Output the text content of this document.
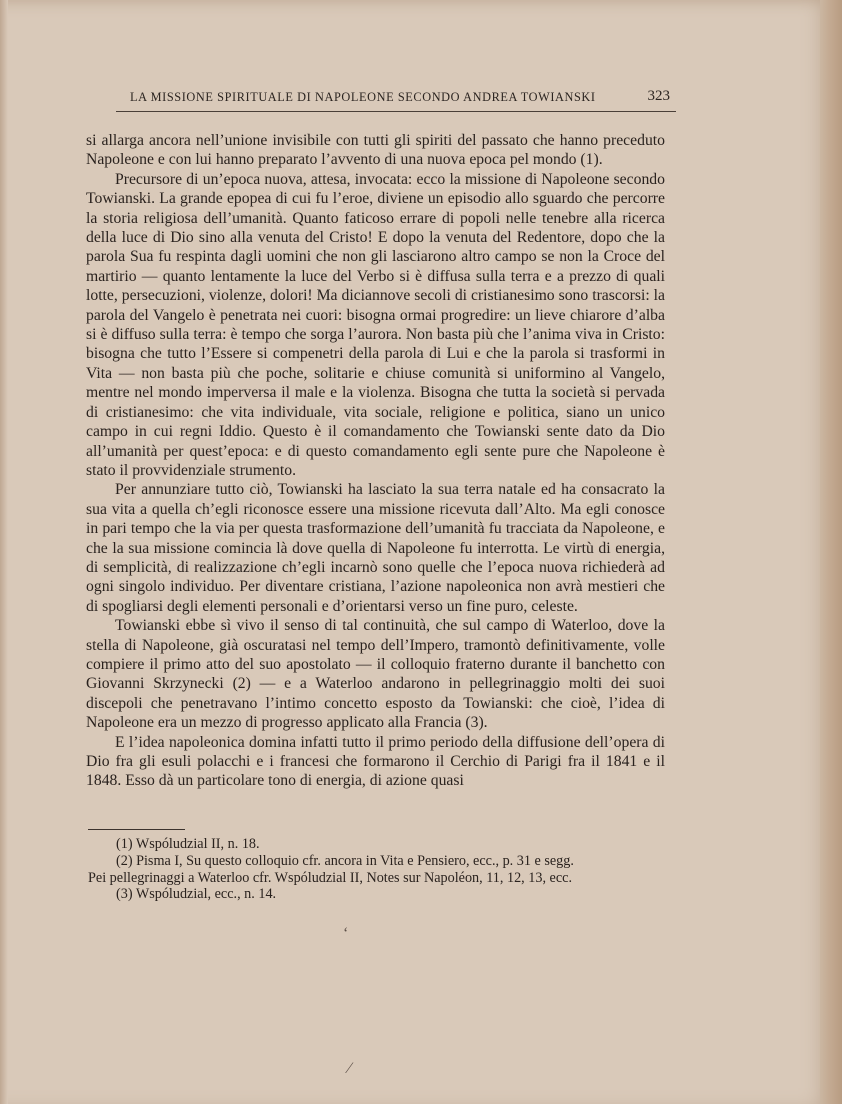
LA MISSIONE SPIRITUALE DI NAPOLEONE SECONDO ANDREA TOWIANSKI	323

si allarga ancora nell’unione invisibile con tutti gli spiriti del passato che hanno preceduto Napoleone e con lui hanno preparato l’avvento di una nuova epoca pel mondo (1).

Precursore di un’epoca nuova, attesa, invocata: ecco la missione di Napoleone secondo Towianski. La grande epopea di cui fu l’eroe, diviene un episodio allo sguardo che percorre la storia religiosa dell’umanità. Quanto faticoso errare di popoli nelle tenebre alla ricerca della luce di Dio sino alla venuta del Cristo! E dopo la venuta del Redentore, dopo che la parola Sua fu respinta dagli uomini che non gli lasciarono altro campo se non la Croce del martirio — quanto lentamente la luce del Verbo si è diffusa sulla terra e a prezzo di quali lotte, persecuzioni, violenze, dolori! Ma diciannove secoli di cristianesimo sono trascorsi: la parola del Vangelo è penetrata nei cuori: bisogna ormai progredire: un lieve chiarore d’alba si è diffuso sulla terra: è tempo che sorga l’aurora. Non basta più che l’anima viva in Cristo: bisogna che tutto l’Essere si compenetri della parola di Lui e che la parola si trasformi in Vita — non basta più che poche, solitarie e chiuse comunità si uniformino al Vangelo, mentre nel mondo imperversa il male e la violenza. Bisogna che tutta la società si pervada di cristianesimo: che vita individuale, vita sociale, religione e politica, siano un unico campo in cui regni Iddio. Questo è il comandamento che Towianski sente dato da Dio all’umanità per quest’epoca: e di questo comandamento egli sente pure che Napoleone è stato il provvidenziale strumento.

Per annunziare tutto ciò, Towianski ha lasciato la sua terra natale ed ha consacrato la sua vita a quella ch’egli riconosce essere una missione ricevuta dall’Alto. Ma egli conosce in pari tempo che la via per questa trasformazione dell’umanità fu tracciata da Napoleone, e che la sua missione comincia là dove quella di Napoleone fu interrotta. Le virtù di energia, di semplicità, di realizzazione ch’egli incarnò sono quelle che l’epoca nuova richiederà ad ogni singolo individuo. Per diventare cristiana, l’azione napoleonica non avrà mestieri che di spogliarsi degli elementi personali e d’orientarsi verso un fine puro, celeste.

Towianski ebbe sì vivo il senso di tal continuità, che sul campo di Waterloo, dove la stella di Napoleone, già oscuratasi nel tempo dell’Impero, tramontò definitivamente, volle compiere il primo atto del suo apostolato — il colloquio fraterno durante il banchetto con Giovanni Skrzynecki (2) — e a Waterloo andarono in pellegrinaggio molti dei suoi discepoli che penetravano l’intimo concetto esposto da Towianski: che cioè, l’idea di Napoleone era un mezzo di progresso applicato alla Francia (3).

E l’idea napoleonica domina infatti tutto il primo periodo della diffusione dell’opera di Dio fra gli esuli polacchi e i francesi che formarono il Cerchio di Parigi fra il 1841 e il 1848. Esso dà un particolare tono di energia, di azione quasi

(1) Wspóludzial II, n. 18.
(2) Pisma I, Su questo colloquio cfr. ancora in Vita e Pensiero, ecc., p. 31 e segg.
Pei pellegrinaggi a Waterloo cfr. Wspóludzial II, Notes sur Napoléon, 11, 12, 13, ecc.
(3) Wspóludzial, ecc., n. 14.
‘
⁄
